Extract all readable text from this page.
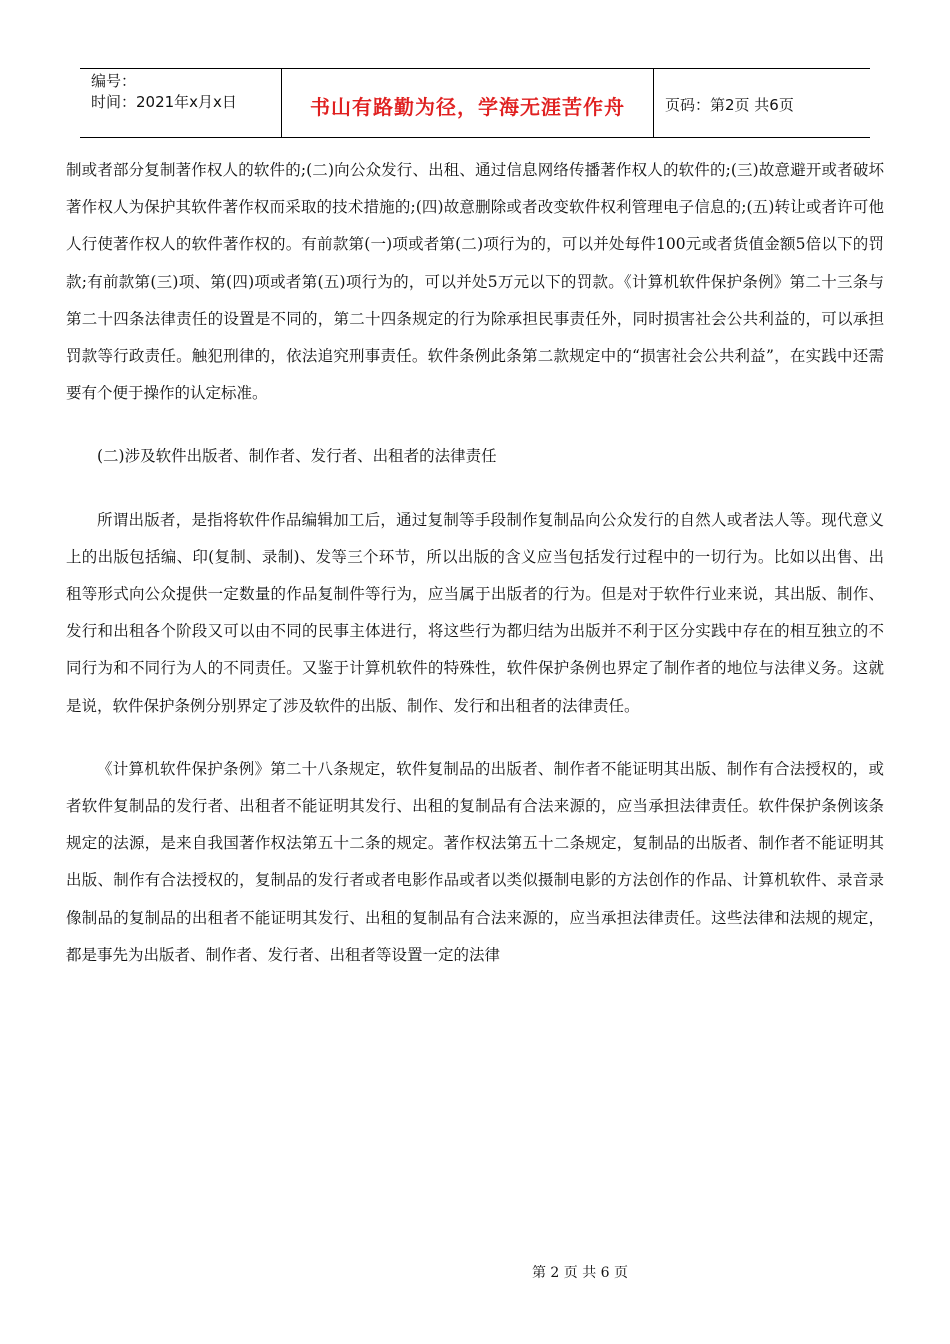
编号：
时间：2021年x月x日	书山有路勤为径，学海无涯苦作舟	页码：第2页 共6页

制或者部分复制著作权人的软件的;(二)向公众发行、出租、通过信息网络传播著作权人的软件的;(三)故意避开或者破坏著作权人为保护其软件著作权而采取的技术措施的;(四)故意删除或者改变软件权利管理电子信息的;(五)转让或者许可他人行使著作权人的软件著作权的。有前款第(一)项或者第(二)项行为的，可以并处每件100元或者货值金额5倍以下的罚款;有前款第(三)项、第(四)项或者第(五)项行为的，可以并处5万元以下的罚款。《计算机软件保护条例》第二十三条与第二十四条法律责任的设置是不同的，第二十四条规定的行为除承担民事责任外，同时损害社会公共利益的，可以承担罚款等行政责任。触犯刑律的，依法追究刑事责任。软件条例此条第二款规定中的“损害社会公共利益”，在实践中还需要有个便于操作的认定标准。

(二)涉及软件出版者、制作者、发行者、出租者的法律责任

所谓出版者，是指将软件作品编辑加工后，通过复制等手段制作复制品向公众发行的自然人或者法人等。现代意义上的出版包括编、印(复制、录制)、发等三个环节，所以出版的含义应当包括发行过程中的一切行为。比如以出售、出租等形式向公众提供一定数量的作品复制件等行为，应当属于出版者的行为。但是对于软件行业来说，其出版、制作、发行和出租各个阶段又可以由不同的民事主体进行，将这些行为都归结为出版并不利于区分实践中存在的相互独立的不同行为和不同行为人的不同责任。又鉴于计算机软件的特殊性，软件保护条例也界定了制作者的地位与法律义务。这就是说，软件保护条例分别界定了涉及软件的出版、制作、发行和出租者的法律责任。

《计算机软件保护条例》第二十八条规定，软件复制品的出版者、制作者不能证明其出版、制作有合法授权的，或者软件复制品的发行者、出租者不能证明其发行、出租的复制品有合法来源的，应当承担法律责任。软件保护条例该条规定的法源，是来自我国著作权法第五十二条的规定。著作权法第五十二条规定，复制品的出版者、制作者不能证明其出版、制作有合法授权的，复制品的发行者或者电影作品或者以类似摄制电影的方法创作的作品、计算机软件、录音录像制品的复制品的出租者不能证明其发行、出租的复制品有合法来源的，应当承担法律责任。这些法律和法规的规定，都是事先为出版者、制作者、发行者、出租者等设置一定的法律

第 2 页 共 6 页
